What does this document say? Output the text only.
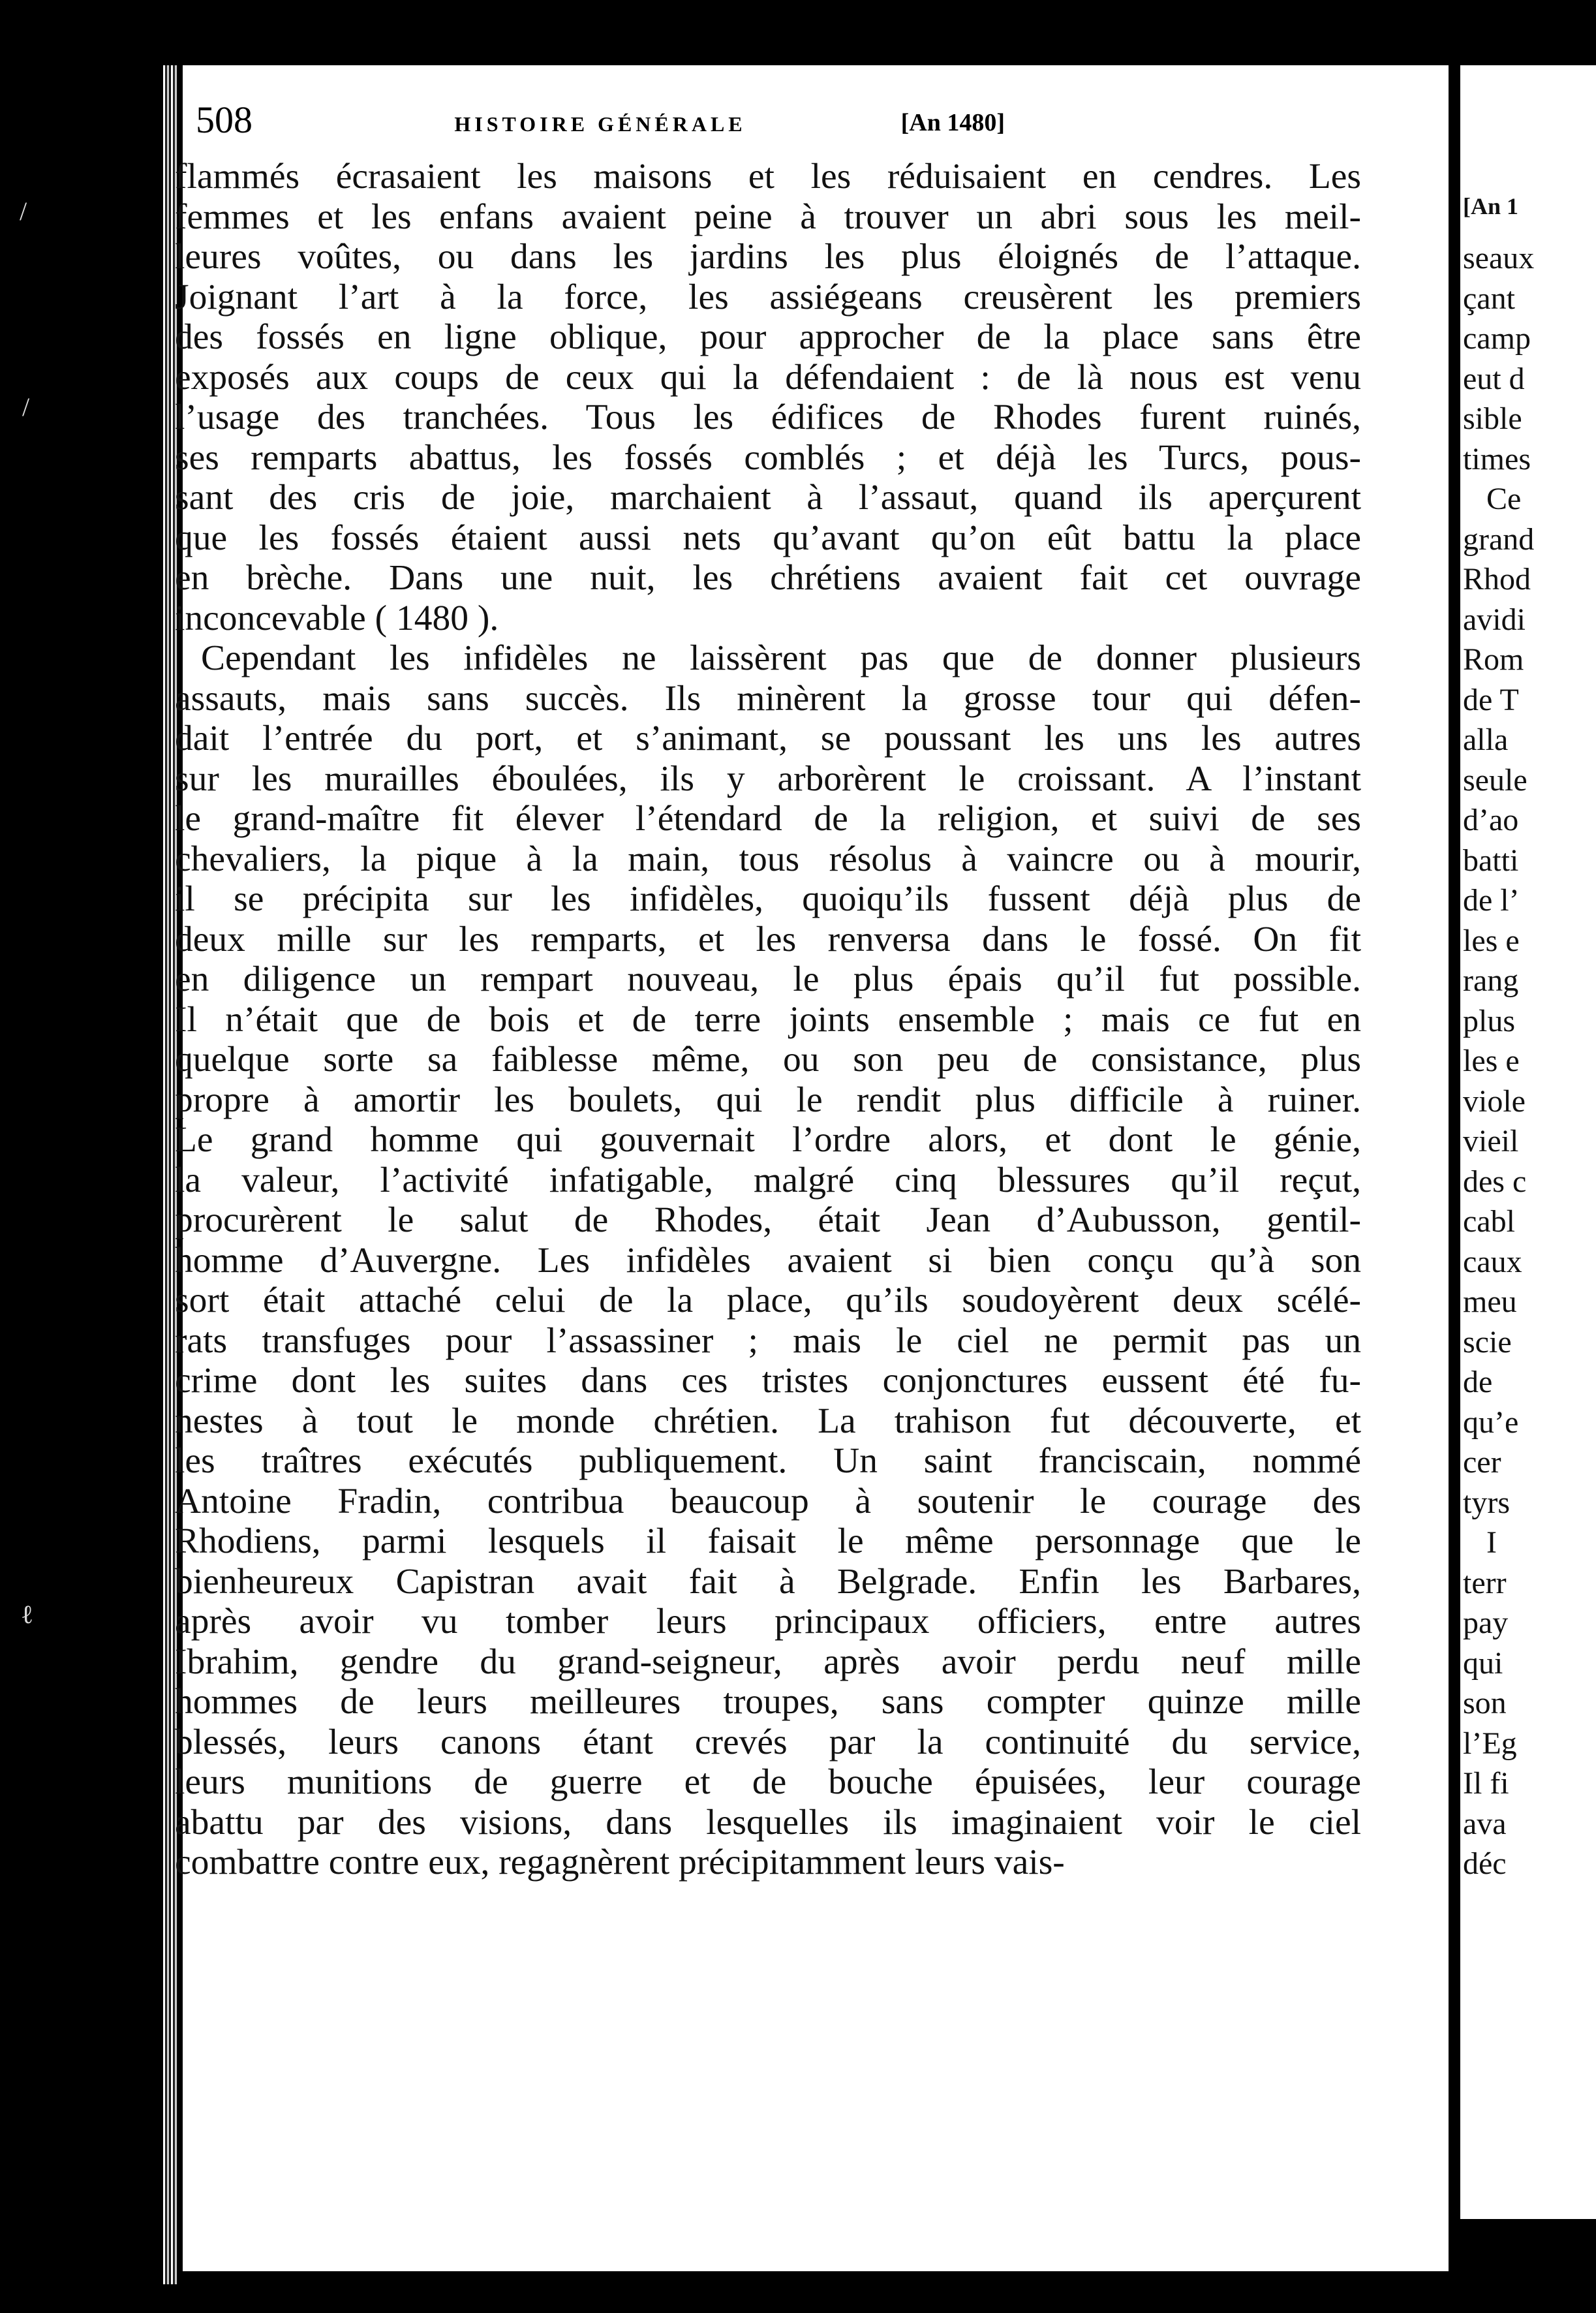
/
/
ℓ
508	HISTOIRE GÉNÉRALE	[An 1480]
flammés écrasaient les maisons et les réduisaient en cendres. Les
femmes et les enfans avaient peine à trouver un abri sous les meil-
leures voûtes, ou dans les jardins les plus éloignés de l’attaque.
Joignant l’art à la force, les assiégeans creusèrent les premiers
des fossés en ligne oblique, pour approcher de la place sans être
exposés aux coups de ceux qui la défendaient : de là nous est venu
l’usage des tranchées. Tous les édifices de Rhodes furent ruinés,
ses remparts abattus, les fossés comblés ; et déjà les Turcs, pous-
sant des cris de joie, marchaient à l’assaut, quand ils aperçurent
que les fossés étaient aussi nets qu’avant qu’on eût battu la place
en brèche. Dans une nuit, les chrétiens avaient fait cet ouvrage
inconcevable ( 1480 ).
Cependant les infidèles ne laissèrent pas que de donner plusieurs
assauts, mais sans succès. Ils minèrent la grosse tour qui défen-
dait l’entrée du port, et s’animant, se poussant les uns les autres
sur les murailles éboulées, ils y arborèrent le croissant. A l’instant
le grand-maître fit élever l’étendard de la religion, et suivi de ses
chevaliers, la pique à la main, tous résolus à vaincre ou à mourir,
il se précipita sur les infidèles, quoiqu’ils fussent déjà plus de
deux mille sur les remparts, et les renversa dans le fossé. On fit
en diligence un rempart nouveau, le plus épais qu’il fut possible.
Il n’était que de bois et de terre joints ensemble ; mais ce fut en
quelque sorte sa faiblesse même, ou son peu de consistance, plus
propre à amortir les boulets, qui le rendit plus difficile à ruiner.
Le grand homme qui gouvernait l’ordre alors, et dont le génie,
la valeur, l’activité infatigable, malgré cinq blessures qu’il reçut,
procurèrent le salut de Rhodes, était Jean d’Aubusson, gentil-
homme d’Auvergne. Les infidèles avaient si bien conçu qu’à son
sort était attaché celui de la place, qu’ils soudoyèrent deux scélé-
rats transfuges pour l’assassiner ; mais le ciel ne permit pas un
crime dont les suites dans ces tristes conjonctures eussent été fu-
nestes à tout le monde chrétien. La trahison fut découverte, et
les traîtres exécutés publiquement. Un saint franciscain, nommé
Antoine Fradin, contribua beaucoup à soutenir le courage des
Rhodiens, parmi lesquels il faisait le même personnage que le
bienheureux Capistran avait fait à Belgrade. Enfin les Barbares,
après avoir vu tomber leurs principaux officiers, entre autres
Ibrahim, gendre du grand-seigneur, après avoir perdu neuf mille
hommes de leurs meilleures troupes, sans compter quinze mille
blessés, leurs canons étant crevés par la continuité du service,
leurs munitions de guerre et de bouche épuisées, leur courage
abattu par des visions, dans lesquelles ils imaginaient voir le ciel
combattre contre eux, regagnèrent précipitamment leurs vais-
[An 1
seaux
çant
camp
eut d
sible
times
Ce
grand
Rhod
avidi
Rom
de T
alla
seule
d’ao
batti
de l’
les e
rang
plus
les e
viole
vieil
des c
cabl
caux
meu
scie
de
qu’e
cer
tyrs
I
terr
pay
qui
son
l’Eg
Il fi
ava
déc
